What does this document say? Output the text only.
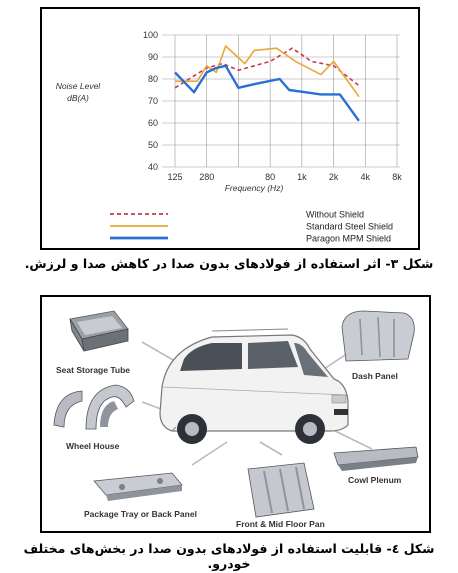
40
50
60
70
80
90
100
125 280	80 1k 2k 4k 8k
Noise Level
dB(A)
Frequency (Hz)
Without Shield
Standard Steel Shield
Paragon MPM Shield
شكل ٣- اثر استفاده از فولادهاى بدون صدا در كاهش صدا و لرزش.
Seat Storage Tube
Wheel House
Package Tray or Back Panel
Front & Mid Floor Pan
Cowl Plenum
Dash Panel
شكل ٤- قابليت استفاده از فولادهاى بدون صدا در بخش‌هاى مختلف خودرو.
